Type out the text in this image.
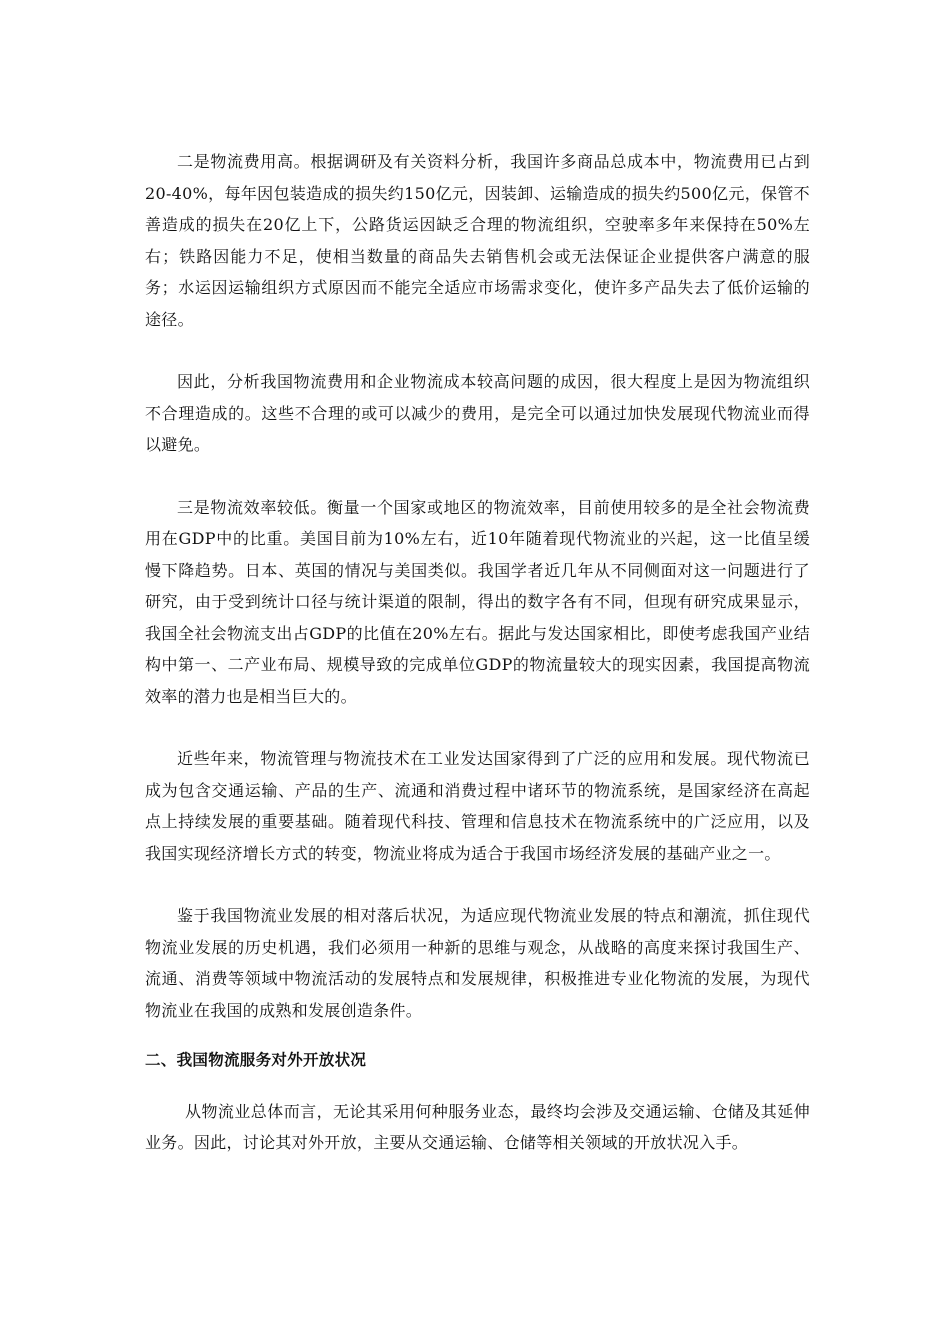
二是物流费用高。根据调研及有关资料分析，我国许多商品总成本中，物流费用已占到20-40%，每年因包装造成的损失约150亿元，因装卸、运输造成的损失约500亿元，保管不善造成的损失在20亿上下，公路货运因缺乏合理的物流组织，空驶率多年来保持在50%左右；铁路因能力不足，使相当数量的商品失去销售机会或无法保证企业提供客户满意的服务；水运因运输组织方式原因而不能完全适应市场需求变化，使许多产品失去了低价运输的途径。

因此，分析我国物流费用和企业物流成本较高问题的成因，很大程度上是因为物流组织不合理造成的。这些不合理的或可以减少的费用，是完全可以通过加快发展现代物流业而得以避免。

三是物流效率较低。衡量一个国家或地区的物流效率，目前使用较多的是全社会物流费用在GDP中的比重。美国目前为10%左右，近10年随着现代物流业的兴起，这一比值呈缓慢下降趋势。日本、英国的情况与美国类似。我国学者近几年从不同侧面对这一问题进行了研究，由于受到统计口径与统计渠道的限制，得出的数字各有不同，但现有研究成果显示，我国全社会物流支出占GDP的比值在20%左右。据此与发达国家相比，即使考虑我国产业结构中第一、二产业布局、规模导致的完成单位GDP的物流量较大的现实因素，我国提高物流效率的潜力也是相当巨大的。

近些年来，物流管理与物流技术在工业发达国家得到了广泛的应用和发展。现代物流已成为包含交通运输、产品的生产、流通和消费过程中诸环节的物流系统，是国家经济在高起点上持续发展的重要基础。随着现代科技、管理和信息技术在物流系统中的广泛应用，以及我国实现经济增长方式的转变，物流业将成为适合于我国市场经济发展的基础产业之一。

鉴于我国物流业发展的相对落后状况，为适应现代物流业发展的特点和潮流，抓住现代物流业发展的历史机遇，我们必须用一种新的思维与观念，从战略的高度来探讨我国生产、流通、消费等领域中物流活动的发展特点和发展规律，积极推进专业化物流的发展，为现代物流业在我国的成熟和发展创造条件。

二、我国物流服务对外开放状况

从物流业总体而言，无论其采用何种服务业态，最终均会涉及交通运输、仓储及其延伸业务。因此，讨论其对外开放，主要从交通运输、仓储等相关领域的开放状况入手。
